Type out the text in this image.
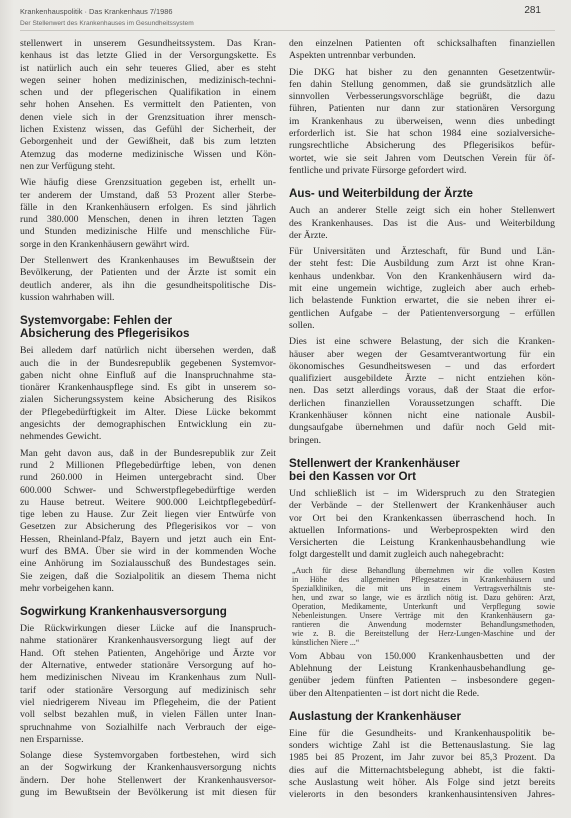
Krankenhauspolitik · Das Krankenhaus 7/1986	281
Der Stellenwert des Krankenhauses im Gesundheitssystem
stellenwert in unserem Gesundheitssystem. Das Kran-
kenhaus ist das letzte Glied in der Versorgungskette. Es
ist natürlich auch ein sehr teueres Glied, aber es steht
wegen seiner hohen medizinischen, medizinisch-techni-
schen und der pflegerischen Qualifikation in einem
sehr hohen Ansehen. Es vermittelt den Patienten, von
denen viele sich in der Grenzsituation ihrer mensch-
lichen Existenz wissen, das Gefühl der Sicherheit, der
Geborgenheit und der Gewißheit, daß bis zum letzten
Atemzug das moderne medizinische Wissen und Kön-
nen zur Verfügung steht.
Wie häufig diese Grenzsituation gegeben ist, erhellt un-
ter anderem der Umstand, daß 53 Prozent aller Sterbe-
fälle in den Krankenhäusern erfolgen. Es sind jährlich
rund 380.000 Menschen, denen in ihren letzten Tagen
und Stunden medizinische Hilfe und menschliche Für-
sorge in den Krankenhäusern gewährt wird.
Der Stellenwert des Krankenhauses im Bewußtsein der
Bevölkerung, der Patienten und der Ärzte ist somit ein
deutlich anderer, als ihn die gesundheitspolitische Dis-
kussion wahrhaben will.
Systemvorgabe: Fehlen der
Absicherung des Pflegerisikos
Bei alledem darf natürlich nicht übersehen werden, daß
auch die in der Bundesrepublik gegebenen Systemvor-
gaben nicht ohne Einfluß auf die Inanspruchnahme sta-
tionärer Krankenhauspflege sind. Es gibt in unserem so-
zialen Sicherungssystem keine Absicherung des Risikos
der Pflegebedürftigkeit im Alter. Diese Lücke bekommt
angesichts der demographischen Entwicklung ein zu-
nehmendes Gewicht.
Man geht davon aus, daß in der Bundesrepublik zur Zeit
rund 2 Millionen Pflegebedürftige leben, von denen
rund 260.000 in Heimen untergebracht sind. Über
600.000 Schwer- und Schwerstpflegebedürftige werden
zu Hause betreut. Weitere 900.000 Leichtpflegebedürf-
tige leben zu Hause. Zur Zeit liegen vier Entwürfe von
Gesetzen zur Absicherung des Pflegerisikos vor – von
Hessen, Rheinland-Pfalz, Bayern und jetzt auch ein Ent-
wurf des BMA. Über sie wird in der kommenden Woche
eine Anhörung im Sozialausschuß des Bundestages sein.
Sie zeigen, daß die Sozialpolitik an diesem Thema nicht
mehr vorbeigehen kann.
Sogwirkung Krankenhausversorgung
Die Rückwirkungen dieser Lücke auf die Inanspruch-
nahme stationärer Krankenhausversorgung liegt auf der
Hand. Oft stehen Patienten, Angehörige und Ärzte vor
der Alternative, entweder stationäre Versorgung auf ho-
hem medizinischen Niveau im Krankenhaus zum Null-
tarif oder stationäre Versorgung auf medizinisch sehr
viel niedrigerem Niveau im Pflegeheim, die der Patient
voll selbst bezahlen muß, in vielen Fällen unter Inan-
spruchnahme von Sozialhilfe nach Verbrauch der eige-
nen Ersparnisse.
Solange diese Systemvorgaben fortbestehen, wird sich
an der Sogwirkung der Krankenhausversorgung nichts
ändern. Der hohe Stellenwert der Krankenhausversor-
gung im Bewußtsein der Bevölkerung ist mit diesen für
den einzelnen Patienten oft schicksalhaften finanziellen
Aspekten untrennbar verbunden.
Die DKG hat bisher zu den genannten Gesetzentwür-
fen dahin Stellung genommen, daß sie grundsätzlich alle
sinnvollen Verbesserungsvorschläge begrüßt, die dazu
führen, Patienten nur dann zur stationären Versorgung
im Krankenhaus zu überweisen, wenn dies unbedingt
erforderlich ist. Sie hat schon 1984 eine sozialversiche-
rungsrechtliche Absicherung des Pflegerisikos befür-
wortet, wie sie seit Jahren vom Deutschen Verein für öf-
fentliche und private Fürsorge gefordert wird.
Aus- und Weiterbildung der Ärzte
Auch an anderer Stelle zeigt sich ein hoher Stellenwert
des Krankenhauses. Das ist die Aus- und Weiterbildung
der Ärzte.
Für Universitäten und Ärzteschaft, für Bund und Län-
der steht fest: Die Ausbildung zum Arzt ist ohne Kran-
kenhaus undenkbar. Von den Krankenhäusern wird da-
mit eine ungemein wichtige, zugleich aber auch erheb-
lich belastende Funktion erwartet, die sie neben ihrer ei-
gentlichen Aufgabe – der Patientenversorgung – erfüllen
sollen.
Dies ist eine schwere Belastung, der sich die Kranken-
häuser aber wegen der Gesamtverantwortung für ein
ökonomisches Gesundheitswesen – und das erfordert
qualifiziert ausgebildete Ärzte – nicht entziehen kön-
nen. Das setzt allerdings voraus, daß der Staat die erfor-
derlichen finanziellen Voraussetzungen schafft. Die
Krankenhäuser können nicht eine nationale Ausbil-
dungsaufgabe übernehmen und dafür noch Geld mit-
bringen.
Stellenwert der Krankenhäuser
bei den Kassen vor Ort
Und schließlich ist – im Widerspruch zu den Strategien
der Verbände – der Stellenwert der Krankenhäuser auch
vor Ort bei den Krankenkassen überraschend hoch. In
aktuellen Informations- und Werbeprospekten wird den
Versicherten die Leistung Krankenhausbehandlung wie
folgt dargestellt und damit zugleich auch nahegebracht:
„Auch für diese Behandlung übernehmen wir die vollen Kosten
in Höhe des allgemeinen Pflegesatzes in Krankenhäusern und
Spezialkliniken, die mit uns in einem Vertragsverhältnis ste-
hen, und zwar so lange, wie es ärztlich nötig ist. Dazu gehören: Arzt,
Operation, Medikamente, Unterkunft und Verpflegung sowie
Nebenleistungen. Unsere Verträge mit den Krankenhäusern ga-
rantieren die Anwendung modernster Behandlungsmethoden,
wie z. B. die Bereitstellung der Herz-Lungen-Maschine und der
künstlichen Niere ...“
Vom Abbau von 150.000 Krankenhausbetten und der
Ablehnung der Leistung Krankenhausbehandlung ge-
genüber jedem fünften Patienten – insbesondere gegen-
über den Altenpatienten – ist dort nicht die Rede.
Auslastung der Krankenhäuser
Eine für die Gesundheits- und Krankenhauspolitik be-
sonders wichtige Zahl ist die Bettenauslastung. Sie lag
1985 bei 85 Prozent, im Jahr zuvor bei 85,3 Prozent. Da
dies auf die Mitternachtsbelegung abhebt, ist die fakti-
sche Auslastung weit höher. Als Folge sind jetzt bereits
vielerorts in den besonders krankenhausintensiven Jahres-
